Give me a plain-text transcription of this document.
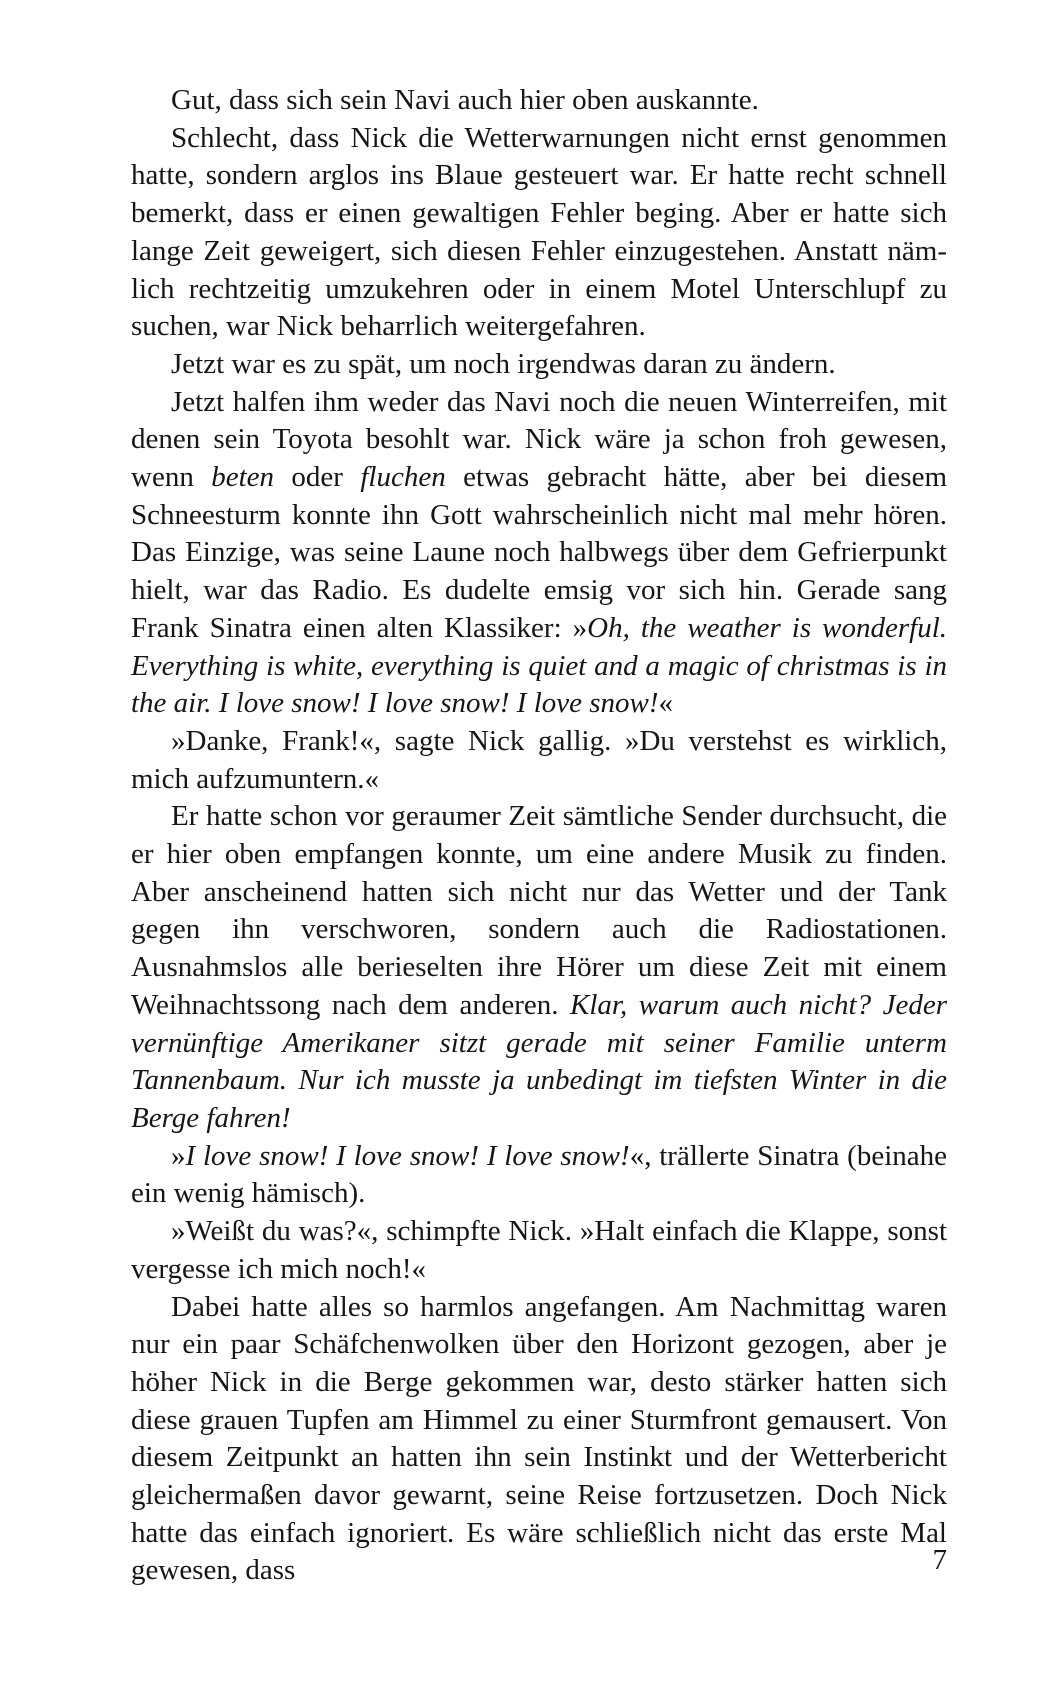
Gut, dass sich sein Navi auch hier oben auskannte.

Schlecht, dass Nick die Wetterwarnungen nicht ernst genommen hatte, sondern arglos ins Blaue gesteuert war. Er hatte recht schnell bemerkt, dass er einen gewaltigen Fehler beging. Aber er hatte sich lange Zeit geweigert, sich diesen Fehler einzugestehen. Anstatt nämlich rechtzeitig umzukehren oder in einem Motel Unterschlupf zu suchen, war Nick beharrlich weitergefahren.

Jetzt war es zu spät, um noch irgendwas daran zu ändern.

Jetzt halfen ihm weder das Navi noch die neuen Winterreifen, mit denen sein Toyota besohlt war. Nick wäre ja schon froh gewesen, wenn beten oder fluchen etwas gebracht hätte, aber bei diesem Schneesturm konnte ihn Gott wahrscheinlich nicht mal mehr hören. Das Einzige, was seine Laune noch halbwegs über dem Gefrierpunkt hielt, war das Radio. Es dudelte emsig vor sich hin. Gerade sang Frank Sinatra einen alten Klassiker: »Oh, the weather is wonderful. Everything is white, everything is quiet and a magic of christmas is in the air. I love snow! I love snow! I love snow!«

»Danke, Frank!«, sagte Nick gallig. »Du verstehst es wirklich, mich aufzumuntern.«

Er hatte schon vor geraumer Zeit sämtliche Sender durchsucht, die er hier oben empfangen konnte, um eine andere Musik zu finden. Aber anscheinend hatten sich nicht nur das Wetter und der Tank gegen ihn verschworen, sondern auch die Radiostationen. Ausnahmslos alle berieselten ihre Hörer um diese Zeit mit einem Weihnachtssong nach dem anderen. Klar, warum auch nicht? Jeder vernünftige Amerikaner sitzt gerade mit seiner Familie unterm Tannenbaum. Nur ich musste ja unbedingt im tiefsten Winter in die Berge fahren!

»I love snow! I love snow! I love snow!«, trällerte Sinatra (beinahe ein wenig hämisch).

»Weißt du was?«, schimpfte Nick. »Halt einfach die Klappe, sonst vergesse ich mich noch!«

Dabei hatte alles so harmlos angefangen. Am Nachmittag waren nur ein paar Schäfchenwolken über den Horizont gezogen, aber je höher Nick in die Berge gekommen war, desto stärker hatten sich diese grauen Tupfen am Himmel zu einer Sturmfront gemausert. Von diesem Zeitpunkt an hatten ihn sein Instinkt und der Wetterbericht gleichermaßen davor gewarnt, seine Reise fortzusetzen. Doch Nick hatte das einfach ignoriert. Es wäre schließlich nicht das erste Mal gewesen, dass	7
